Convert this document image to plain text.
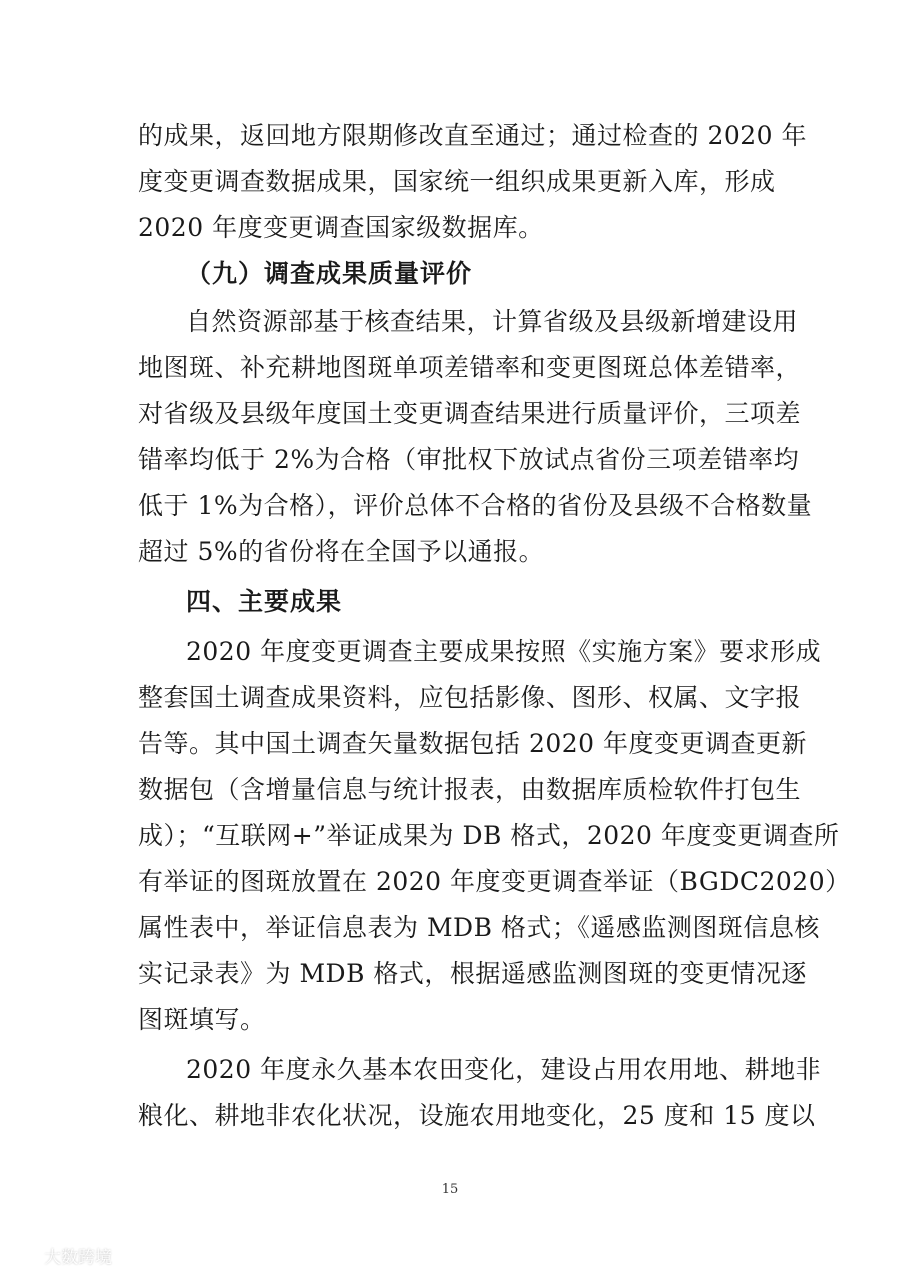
的成果，返回地方限期修改直至通过；通过检查的 2020 年
度变更调查数据成果，国家统一组织成果更新入库，形成
2020 年度变更调查国家级数据库。
（九）调查成果质量评价
自然资源部基于核查结果，计算省级及县级新增建设用
地图斑、补充耕地图斑单项差错率和变更图斑总体差错率，
对省级及县级年度国土变更调查结果进行质量评价，三项差
错率均低于 2%为合格（审批权下放试点省份三项差错率均
低于 1%为合格），评价总体不合格的省份及县级不合格数量
超过 5%的省份将在全国予以通报。
四、主要成果
2020 年度变更调查主要成果按照《实施方案》要求形成
整套国土调查成果资料，应包括影像、图形、权属、文字报
告等。其中国土调查矢量数据包括 2020 年度变更调查更新
数据包（含增量信息与统计报表，由数据库质检软件打包生
成）；“互联网+”举证成果为 DB 格式，2020 年度变更调查所
有举证的图斑放置在 2020 年度变更调查举证（BGDC2020）
属性表中，举证信息表为 MDB 格式；《遥感监测图斑信息核
实记录表》为 MDB 格式，根据遥感监测图斑的变更情况逐
图斑填写。
2020 年度永久基本农田变化，建设占用农用地、耕地非
粮化、耕地非农化状况，设施农用地变化，25 度和 15 度以
15
大数跨境
